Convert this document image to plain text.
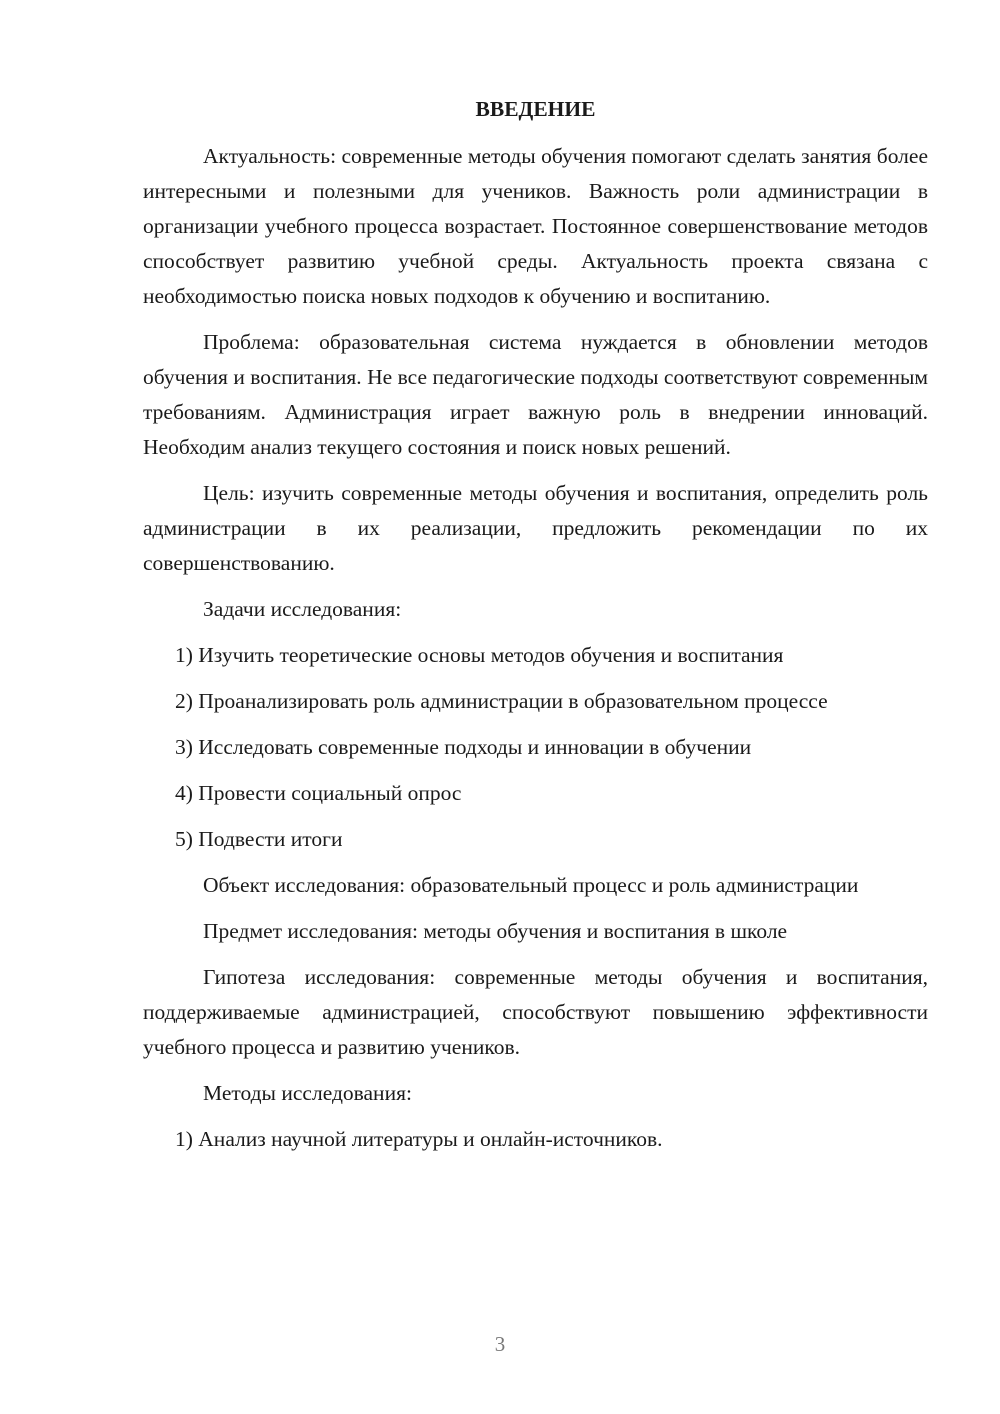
ВВЕДЕНИЕ

Актуальность: современные методы обучения помогают сделать занятия более интересными и полезными для учеников. Важность роли администрации в организации учебного процесса возрастает. Постоянное совершенствование методов способствует развитию учебной среды. Актуальность проекта связана с необходимостью поиска новых подходов к обучению и воспитанию.

Проблема: образовательная система нуждается в обновлении методов обучения и воспитания. Не все педагогические подходы соответствуют современным требованиям. Администрация играет важную роль в внедрении инноваций. Необходим анализ текущего состояния и поиск новых решений.

Цель: изучить современные методы обучения и воспитания, определить роль администрации в их реализации, предложить рекомендации по их совершенствованию.

Задачи исследования:

1) Изучить теоретические основы методов обучения и воспитания

2) Проанализировать роль администрации в образовательном процессе

3) Исследовать современные подходы и инновации в обучении

4) Провести социальный опрос

5) Подвести итоги

Объект исследования: образовательный процесс и роль администрации

Предмет исследования: методы обучения и воспитания в школе

Гипотеза исследования: современные методы обучения и воспитания, поддерживаемые администрацией, способствуют повышению эффективности учебного процесса и развитию учеников.

Методы исследования:

1) Анализ научной литературы и онлайн-источников.

3
